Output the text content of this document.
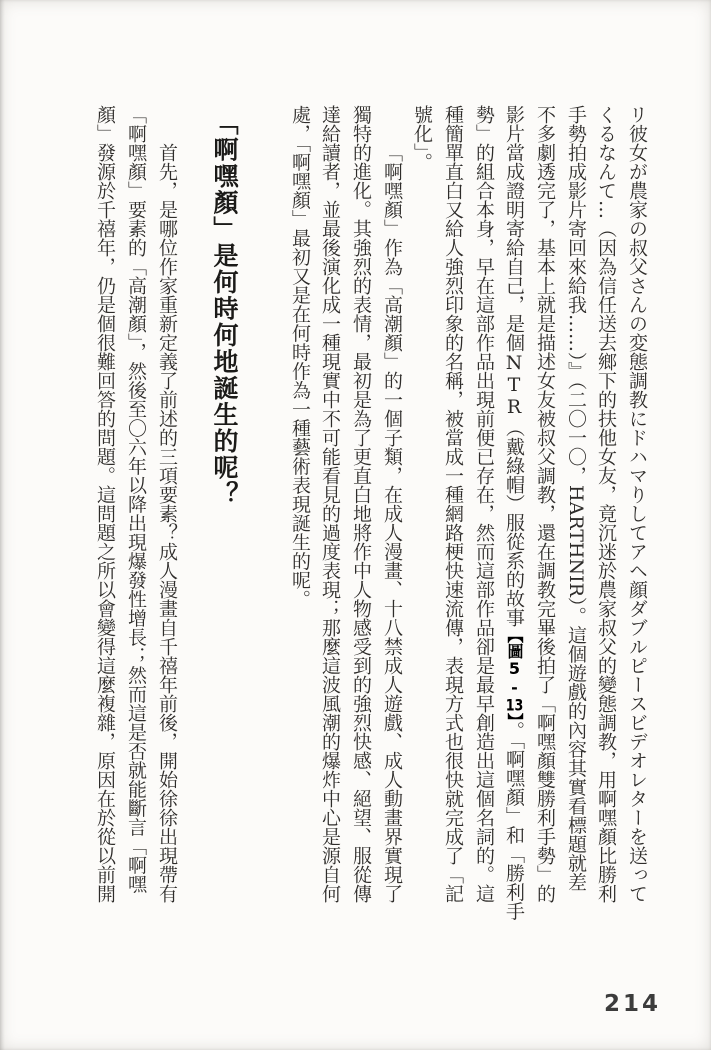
リ彼女が農家の叔父さんの変態調教にドハマりしてアヘ顔ダブルピースビデオレターを送って
くるなんて…（因為信任送去鄉下的扶他女友，竟沉迷於農家叔父的變態調教，用啊嘿顏比勝利
手勢拍成影片寄回來給我……）』（二〇一〇，HARTHNIR）。這個遊戲的內容其實看標題就差
不多劇透完了，基本上就是描述女友被叔父調教，還在調教完畢後拍了「啊嘿顏雙勝利手勢」的
影片當成證明寄給自己，是個NTR（戴綠帽）服從系的故事【圖5-13】。「啊嘿顏」和「勝利手
勢」的組合本身，早在這部作品出現前便已存在，然而這部作品卻是最早創造出這個名詞的。這
種簡單直白又給人強烈印象的名稱，被當成一種網路梗快速流傳，表現方式也很快就完成了「記
號化」。
「啊嘿顏」作為「高潮顏」的一個子類，在成人漫畫、十八禁成人遊戲、成人動畫界實現了
獨特的進化。其強烈的表情，最初是為了更直白地將作中人物感受到的強烈快感、絕望、服從傳
達給讀者，並最後演化成一種現實中不可能看見的過度表現；那麼這波風潮的爆炸中心是源自何
處，「啊嘿顏」最初又是在何時作為一種藝術表現誕生的呢。
「啊嘿顏」是何時何地誕生的呢？
首先，是哪位作家重新定義了前述的三項要素？成人漫畫自千禧年前後，開始徐徐出現帶有
「啊嘿顏」要素的「高潮顏」，然後至〇六年以降出現爆發性增長；然而這是否就能斷言「啊嘿
顏」發源於千禧年，仍是個很難回答的問題。這問題之所以會變得這麼複雜，原因在於從以前開
214
